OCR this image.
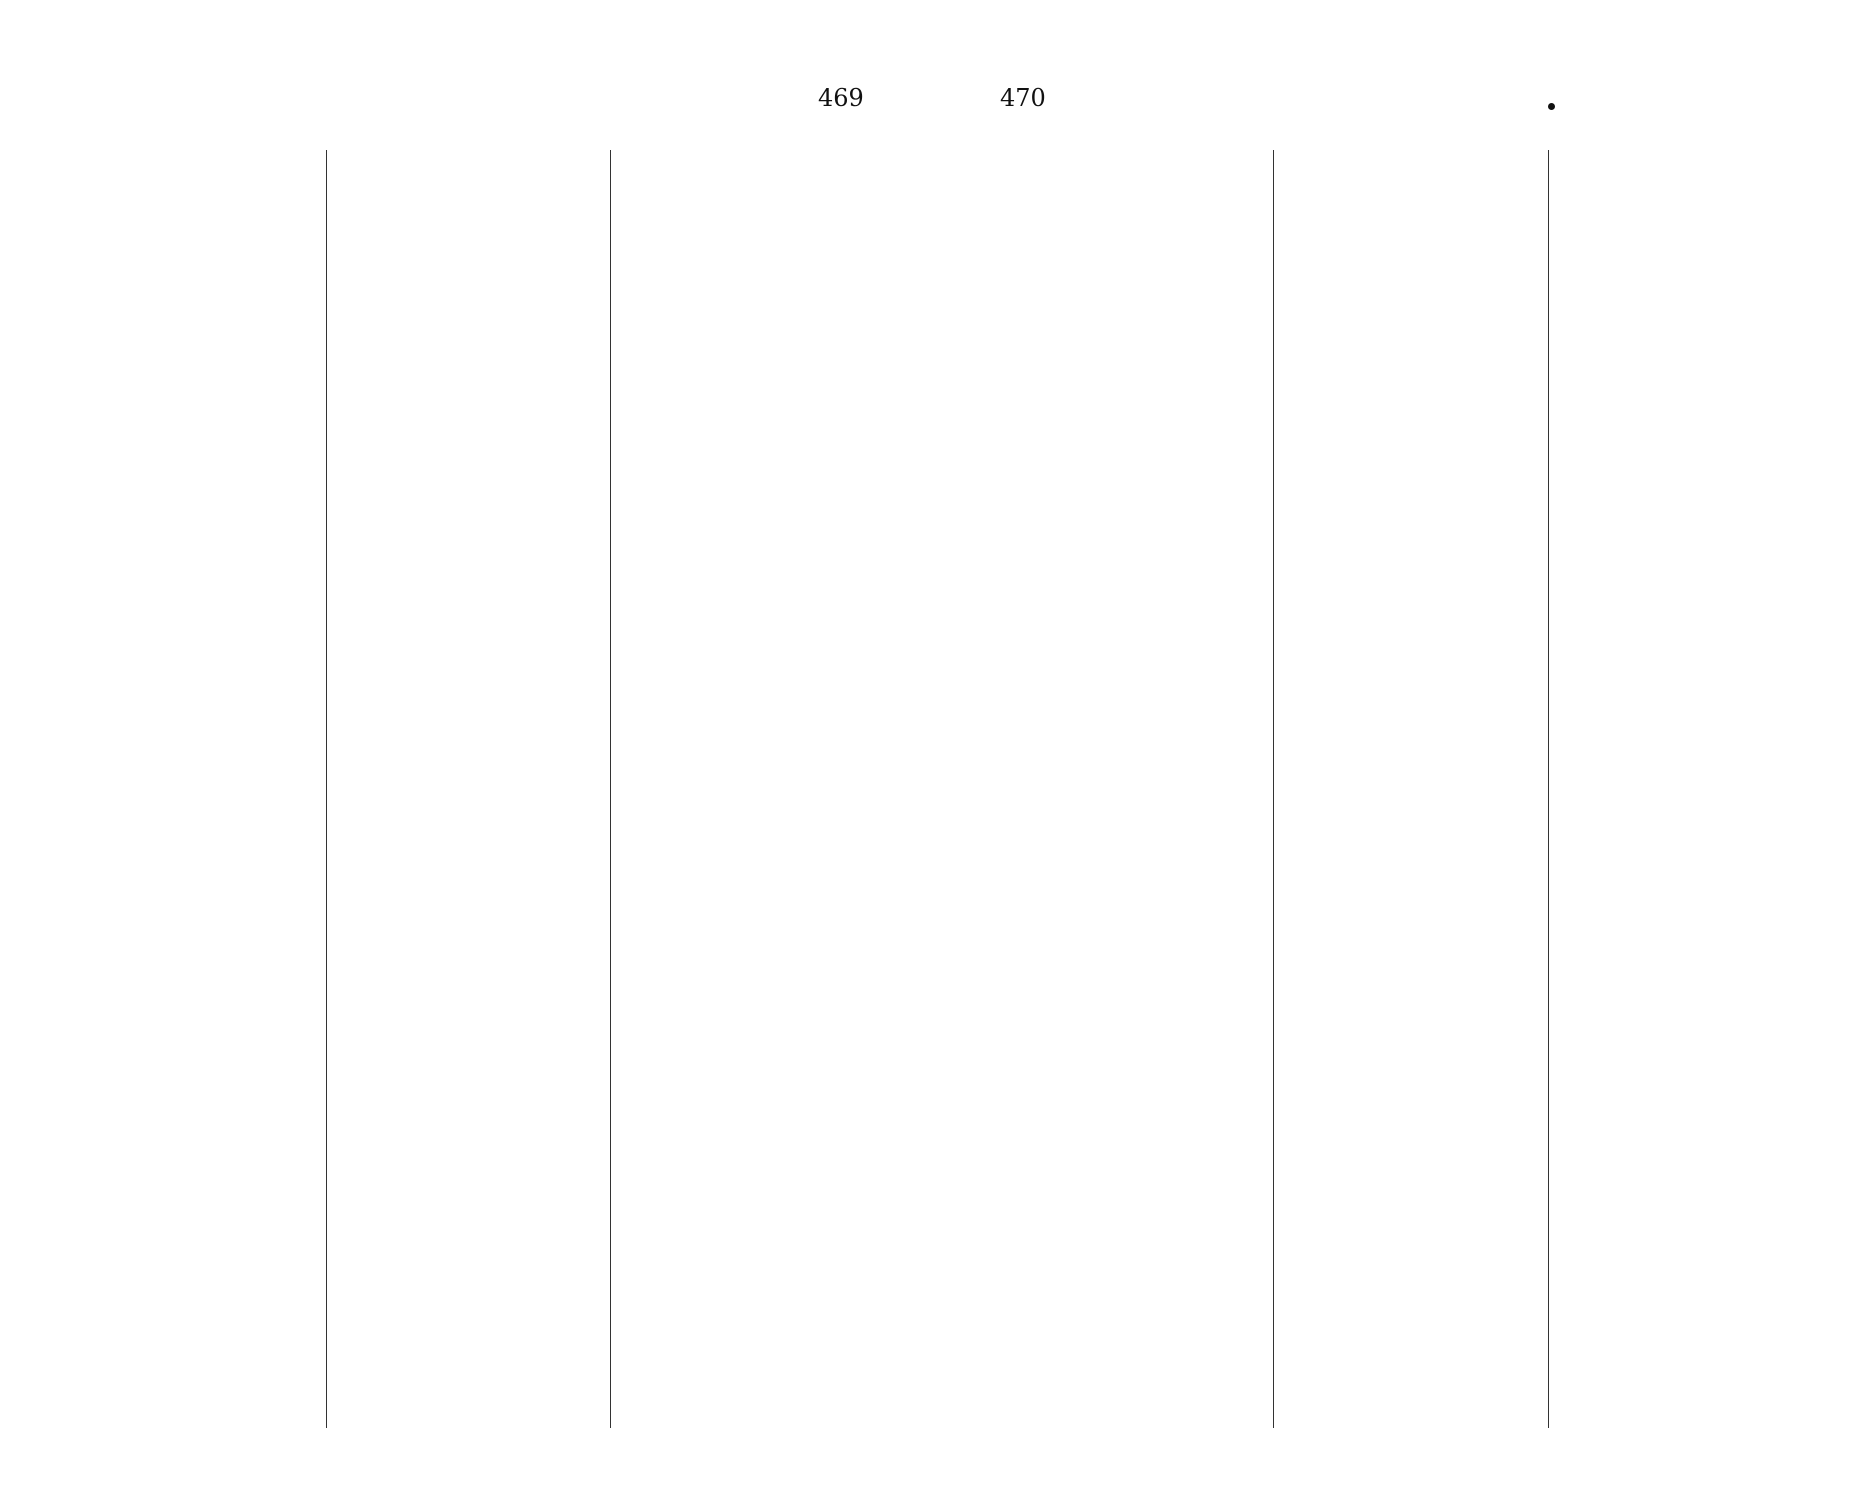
469	470
